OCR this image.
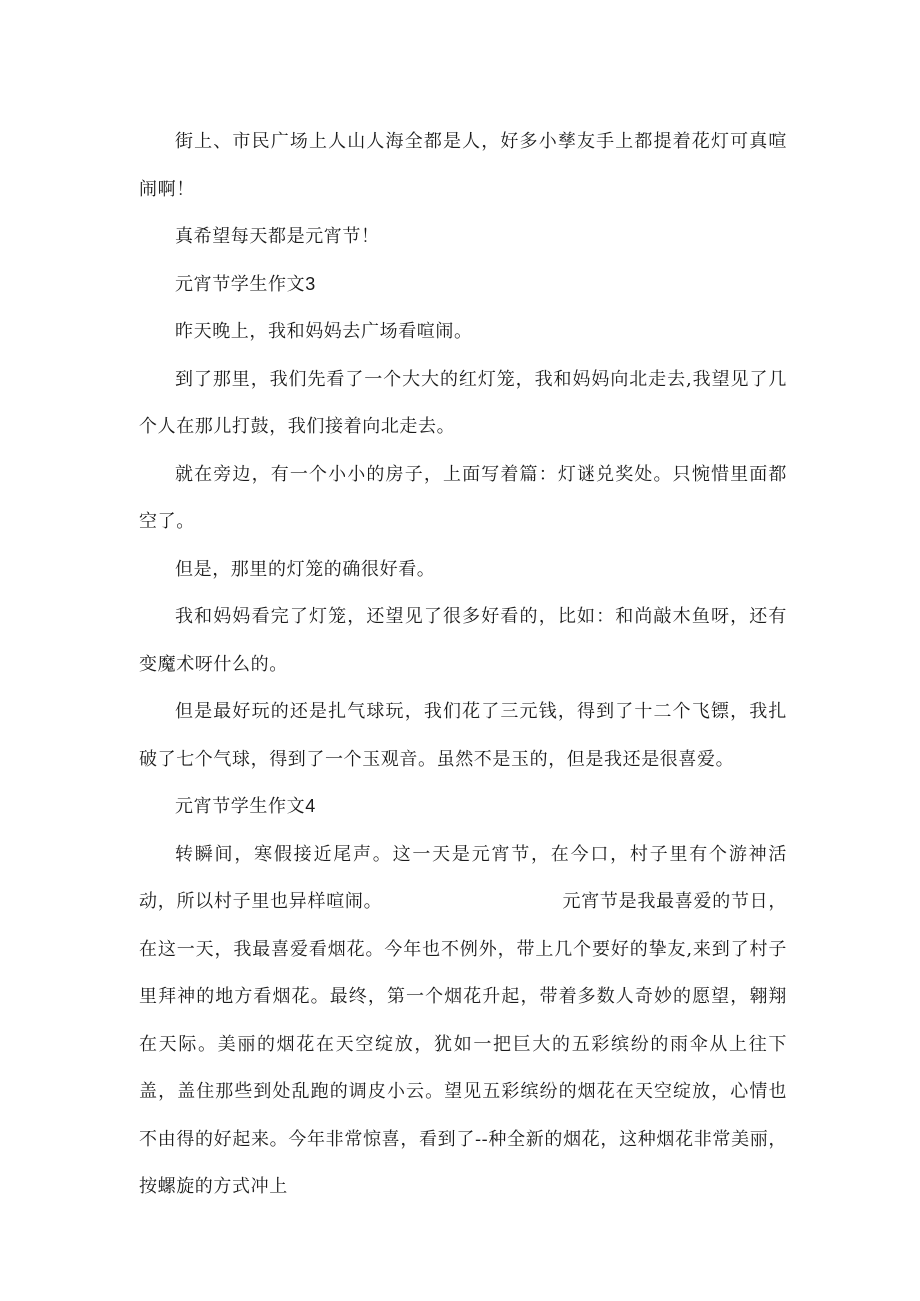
街上、市民广场上人山人海全都是人，好多小孳友手上都提着花灯可真喧闹啊！

真希望每天都是元宵节！

元宵节学生作文3

昨天晚上，我和妈妈去广场看喧闹。

到了那里，我们先看了一个大大的红灯笼，我和妈妈向北走去,我望见了几个人在那儿打鼓，我们接着向北走去。

就在旁边，有一个小小的房子，上面写着篇：灯谜兑奖处。只惋惜里面都空了。

但是，那里的灯笼的确很好看。

我和妈妈看完了灯笼，还望见了很多好看的，比如：和尚敲木鱼呀，还有变魔术呀什么的。

但是最好玩的还是扎气球玩，我们花了三元钱，得到了十二个飞镖，我扎破了七个气球，得到了一个玉观音。虽然不是玉的，但是我还是很喜爱。

元宵节学生作文4

转瞬间，寒假接近尾声。这一天是元宵节，在今口，村子里有个游神活动，所以村子里也异样喧闹。	元宵节是我最喜爱的节日，在这一天，我最喜爱看烟花。今年也不例外，带上几个要好的挚友,来到了村子里拜神的地方看烟花。最终，第一个烟花升起，带着多数人奇妙的愿望，翱翔在天际。美丽的烟花在天空绽放，犹如一把巨大的五彩缤纷的雨伞从上往下盖，盖住那些到处乱跑的调皮小云。望见五彩缤纷的烟花在天空绽放，心情也不由得的好起来。今年非常惊喜，看到了--种全新的烟花，这种烟花非常美丽，按螺旋的方式冲上
